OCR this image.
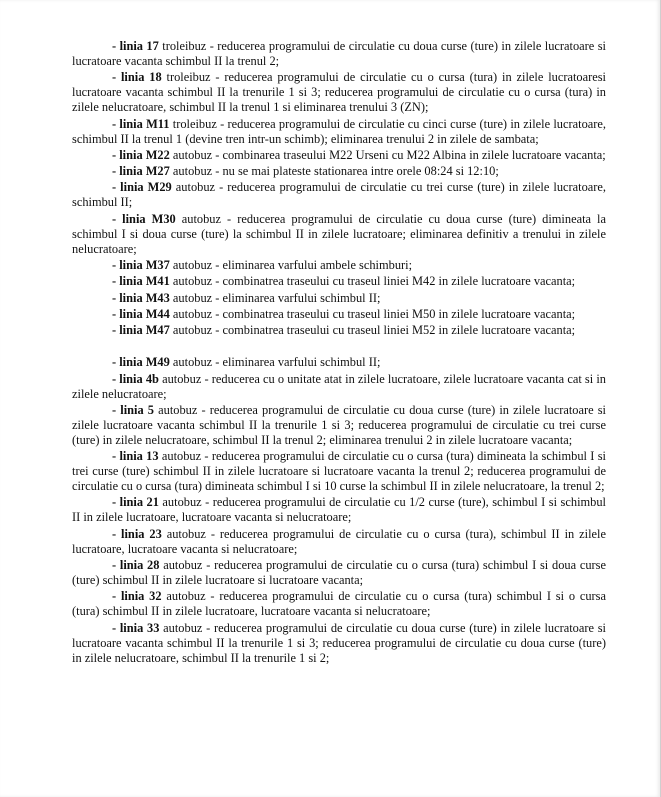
- linia 17 troleibuz - reducerea programului de circulatie cu doua curse (ture) in zilele lucratoare si lucratoare vacanta schimbul II la trenul 2;

- linia 18 troleibuz - reducerea programului de circulatie cu o cursa (tura) in zilele lucratoaresi lucratoare vacanta schimbul II la trenurile 1 si 3; reducerea programului de circulatie cu o cursa (tura) in zilele nelucratoare, schimbul II la trenul 1 si eliminarea trenului 3 (ZN);

- linia M11 troleibuz - reducerea programului de circulatie cu cinci curse (ture) in zilele lucratoare, schimbul II la trenul 1 (devine tren intr-un schimb); eliminarea trenului 2 in zilele de sambata;

- linia M22 autobuz - combinarea traseului M22 Urseni cu M22 Albina in zilele lucratoare vacanta;

- linia M27 autobuz - nu se mai plateste stationarea intre orele 08:24 si 12:10;

- linia M29 autobuz - reducerea programului de circulatie cu trei curse (ture) in zilele lucratoare, schimbul II;

- linia M30 autobuz - reducerea programului de circulatie cu doua curse (ture) dimineata la schimbul I si doua curse (ture) la schimbul II in zilele lucratoare; eliminarea definitiv a trenului in zilele nelucratoare;

- linia M37 autobuz - eliminarea varfului ambele schimburi;

- linia M41 autobuz - combinatrea traseului cu traseul liniei M42 in zilele lucratoare vacanta;

- linia M43 autobuz - eliminarea varfului schimbul II;

- linia M44 autobuz - combinatrea traseului cu traseul liniei M50 in zilele lucratoare vacanta;

- linia M47 autobuz - combinatrea traseului cu traseul liniei M52 in zilele lucratoare vacanta;

- linia M49 autobuz - eliminarea varfului schimbul II;

- linia 4b autobuz - reducerea cu o unitate atat in zilele lucratoare, zilele lucratoare vacanta cat si in zilele nelucratoare;

- linia 5 autobuz - reducerea programului de circulatie cu doua curse (ture) in zilele lucratoare si zilele lucratoare vacanta schimbul II la trenurile 1 si 3; reducerea programului de circulatie cu trei curse (ture) in zilele nelucratoare, schimbul II la trenul 2; eliminarea trenului 2 in zilele lucratoare vacanta;

- linia 13 autobuz - reducerea programului de circulatie cu o cursa (tura) dimineata la schimbul I si trei curse (ture) schimbul II in zilele lucratoare si lucratoare vacanta la trenul 2; reducerea programului de circulatie cu o cursa (tura) dimineata schimbul I si 10 curse la schimbul II in zilele nelucratoare, la trenul 2;

- linia 21 autobuz - reducerea programului de circulatie cu 1/2 curse (ture), schimbul I si schimbul II in zilele lucratoare, lucratoare vacanta si nelucratoare;

- linia 23 autobuz - reducerea programului de circulatie cu o cursa (tura), schimbul II in zilele lucratoare, lucratoare vacanta si nelucratoare;

- linia 28 autobuz - reducerea programului de circulatie cu o cursa (tura) schimbul I si doua curse (ture) schimbul II in zilele lucratoare si lucratoare vacanta;

- linia 32 autobuz - reducerea programului de circulatie cu o cursa (tura) schimbul I si o cursa (tura) schimbul II in zilele lucratoare, lucratoare vacanta si nelucratoare;

- linia 33 autobuz - reducerea programului de circulatie cu doua curse (ture) in zilele lucratoare si lucratoare vacanta schimbul II la trenurile 1 si 3; reducerea programului de circulatie cu doua curse (ture) in zilele nelucratoare, schimbul II la trenurile 1 si 2;
